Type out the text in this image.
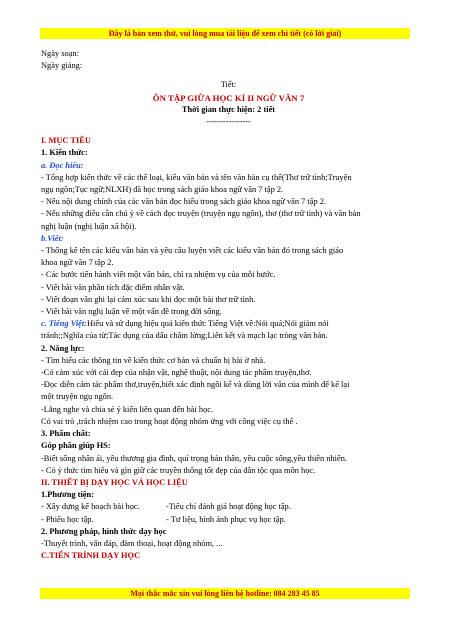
Đây là bản xem thử, vui lòng mua tài liệu để xem chi tiết (có lời giải)
Ngày soạn:
Ngày giảng:
Tiết:
ÔN TẬP GIỮA HỌC KÌ II NGỮ VĂN 7
Thời gian thực hiện: 2 tiết
----------------
I. MỤC TIÊU
1. Kiến thức:
a. Đọc hiểu:
- Tổng hợp kiến thức về các thể loại, kiểu văn bản và tên văn bản cụ thể(Thơ trữ tình;Truyện
ngụ ngôn;Tục ngữ;NLXH) đã học trong sách giáo khoa ngữ văn 7 tập 2.
- Nêu nội dung chính của các văn bản đọc hiểu trong sách giáo khoa ngữ văn 7 tập 2.
- Nêu những điều cần chú ý về cách đọc truyện (truyện ngụ ngôn), thơ (thơ trữ tình) và văn bản
nghị luận (nghị luận xã hội).
b.Viết:
- Thống kê tên các kiểu văn bản và yêu cầu luyện viết các kiểu văn bản đó trong sách giáo
khoa ngữ văn 7 tập 2.
- Các bước tiến hành viết một văn bản, chỉ ra nhiệm vụ của mỗi bước.
- Viết bài văn phân tích đặc điểm nhân vật.
- Viết đoạn văn ghi lại cảm xúc sau khi đọc một bài thơ trữ tình.
- Viết bài văn nghị luận về một vấn đề trong đời sống.
c. Tiếng Việt:Hiểu và sử dụng hiệu quả kiến thức Tiếng Việt về:Nói quá;Nói giảm nói
tránh;;Nghĩa của từ;Tác dụng của dấu chấm lửng;Liên kết và mạch lạc tròng văn bản.
2. Năng lực:
- Tìm hiểu các thông tin về kiến thức cơ bản và chuẩn bị bài ở nhà.
-Có cảm xúc với cái đẹp của nhận vật, nghệ thuật, nội dung tác phẩm truyện,thơ.
-Đọc diễn cảm tác phẩm thơ,truyện,biết xác định ngôi kể và dùng lời văn của mình để kể lại
một truyện ngụ ngôn.
-Lắng nghe và chia sẻ ý kiến liên quan đến bài học.
Có vai trò ,trách nhiệm cao trong hoạt động nhóm ứng với công việc cụ thể .
3. Phẩm chất:
Góp phần giúp HS:
-Biết sống nhân ái, yêu thương gia đình, quí trọng bản thân, yêu cuộc sống,yêu thiên nhiên.
- Có ý thức tìm hiểu và gìn giữ các truyền thống tốt đẹp của dân tộc qua môn học.
II. THIẾT BỊ DẠY HỌC VÀ HỌC LIỆU
1.Phương tiện:
- Xây dựng kế hoạch bài học.	-Tiêu chí đánh giá hoạt động học tập.
- Phiếu học tập.	- Tư liệu, hình ảnh phục vụ học tập.
2. Phương pháp, hình thức dạy học
-Thuyết trình, vấn đáp, đàm thoại, hoạt động nhóm, ...
C.TIẾN TRÌNH DẠY HỌC
Mọi thắc mắc xin vui lòng liên hệ hotline: 084 283 45 85
